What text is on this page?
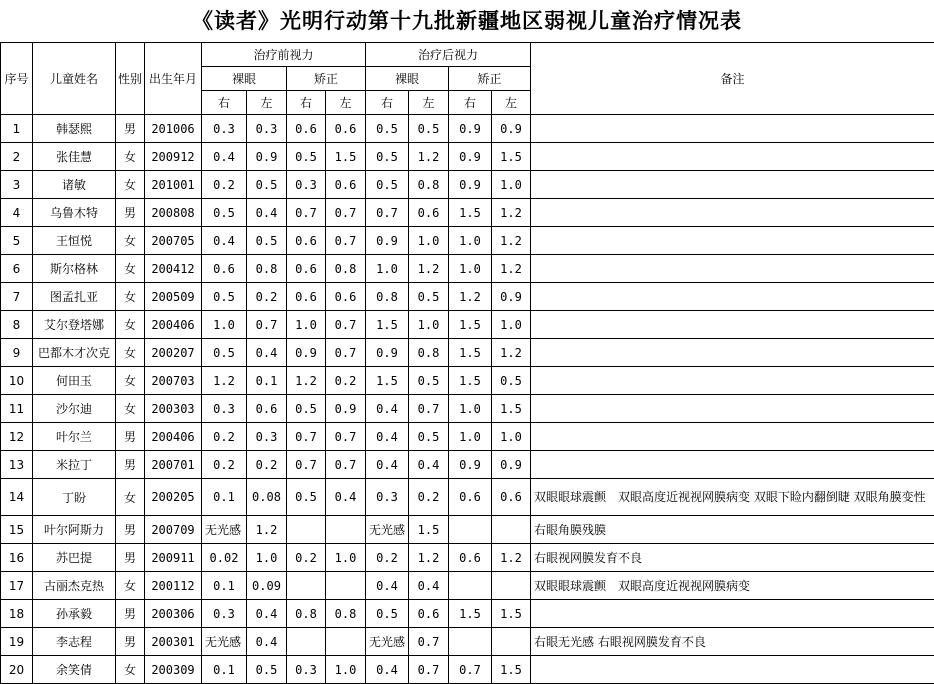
《读者》光明行动第十九批新疆地区弱视儿童治疗情况表
序号	儿童姓名	性别	出生年月	治疗前视力				治疗后视力				备注
				裸眼		矫正		裸眼		矫正		
				右	左	右	左	右	左	右	左	
1	韩瑟熙	男	201006	0.3	0.3	0.6	0.6	0.5	0.5	0.9	0.9	
2	张佳慧	女	200912	0.4	0.9	0.5	1.5	0.5	1.2	0.9	1.5	
3	诸敏	女	201001	0.2	0.5	0.3	0.6	0.5	0.8	0.9	1.0	
4	乌鲁木特	男	200808	0.5	0.4	0.7	0.7	0.7	0.6	1.5	1.2	
5	王恒悦	女	200705	0.4	0.5	0.6	0.7	0.9	1.0	1.0	1.2	
6	斯尔格林	女	200412	0.6	0.8	0.6	0.8	1.0	1.2	1.0	1.2	
7	图孟扎亚	女	200509	0.5	0.2	0.6	0.6	0.8	0.5	1.2	0.9	
8	艾尔登塔娜	女	200406	1.0	0.7	1.0	0.7	1.5	1.0	1.5	1.0	
9	巴都木才次克	女	200207	0.5	0.4	0.9	0.7	0.9	0.8	1.5	1.2	
10	何田玉	女	200703	1.2	0.1	1.2	0.2	1.5	0.5	1.5	0.5	
11	沙尔迪	女	200303	0.3	0.6	0.5	0.9	0.4	0.7	1.0	1.5	
12	叶尔兰	男	200406	0.2	0.3	0.7	0.7	0.4	0.5	1.0	1.0	
13	米拉丁	男	200701	0.2	0.2	0.7	0.7	0.4	0.4	0.9	0.9	
14	丁盼	女	200205	0.1	0.08	0.5	0.4	0.3	0.2	0.6	0.6	双眼眼球震颤　双眼高度近视视网膜病变 双眼下睑内翻倒睫 双眼角膜变性
15	叶尔阿斯力	男	200709	无光感	1.2			无光感	1.5			右眼角膜残膜
16	苏巴提	男	200911	0.02	1.0	0.2	1.0	0.2	1.2	0.6	1.2	右眼视网膜发育不良
17	古丽杰克热	女	200112	0.1	0.09			0.4	0.4			双眼眼球震颤　双眼高度近视视网膜病变
18	孙承毅	男	200306	0.3	0.4	0.8	0.8	0.5	0.6	1.5	1.5	
19	李志程	男	200301	无光感	0.4			无光感	0.7			右眼无光感 右眼视网膜发育不良
20	余笑倩	女	200309	0.1	0.5	0.3	1.0	0.4	0.7	0.7	1.5	
